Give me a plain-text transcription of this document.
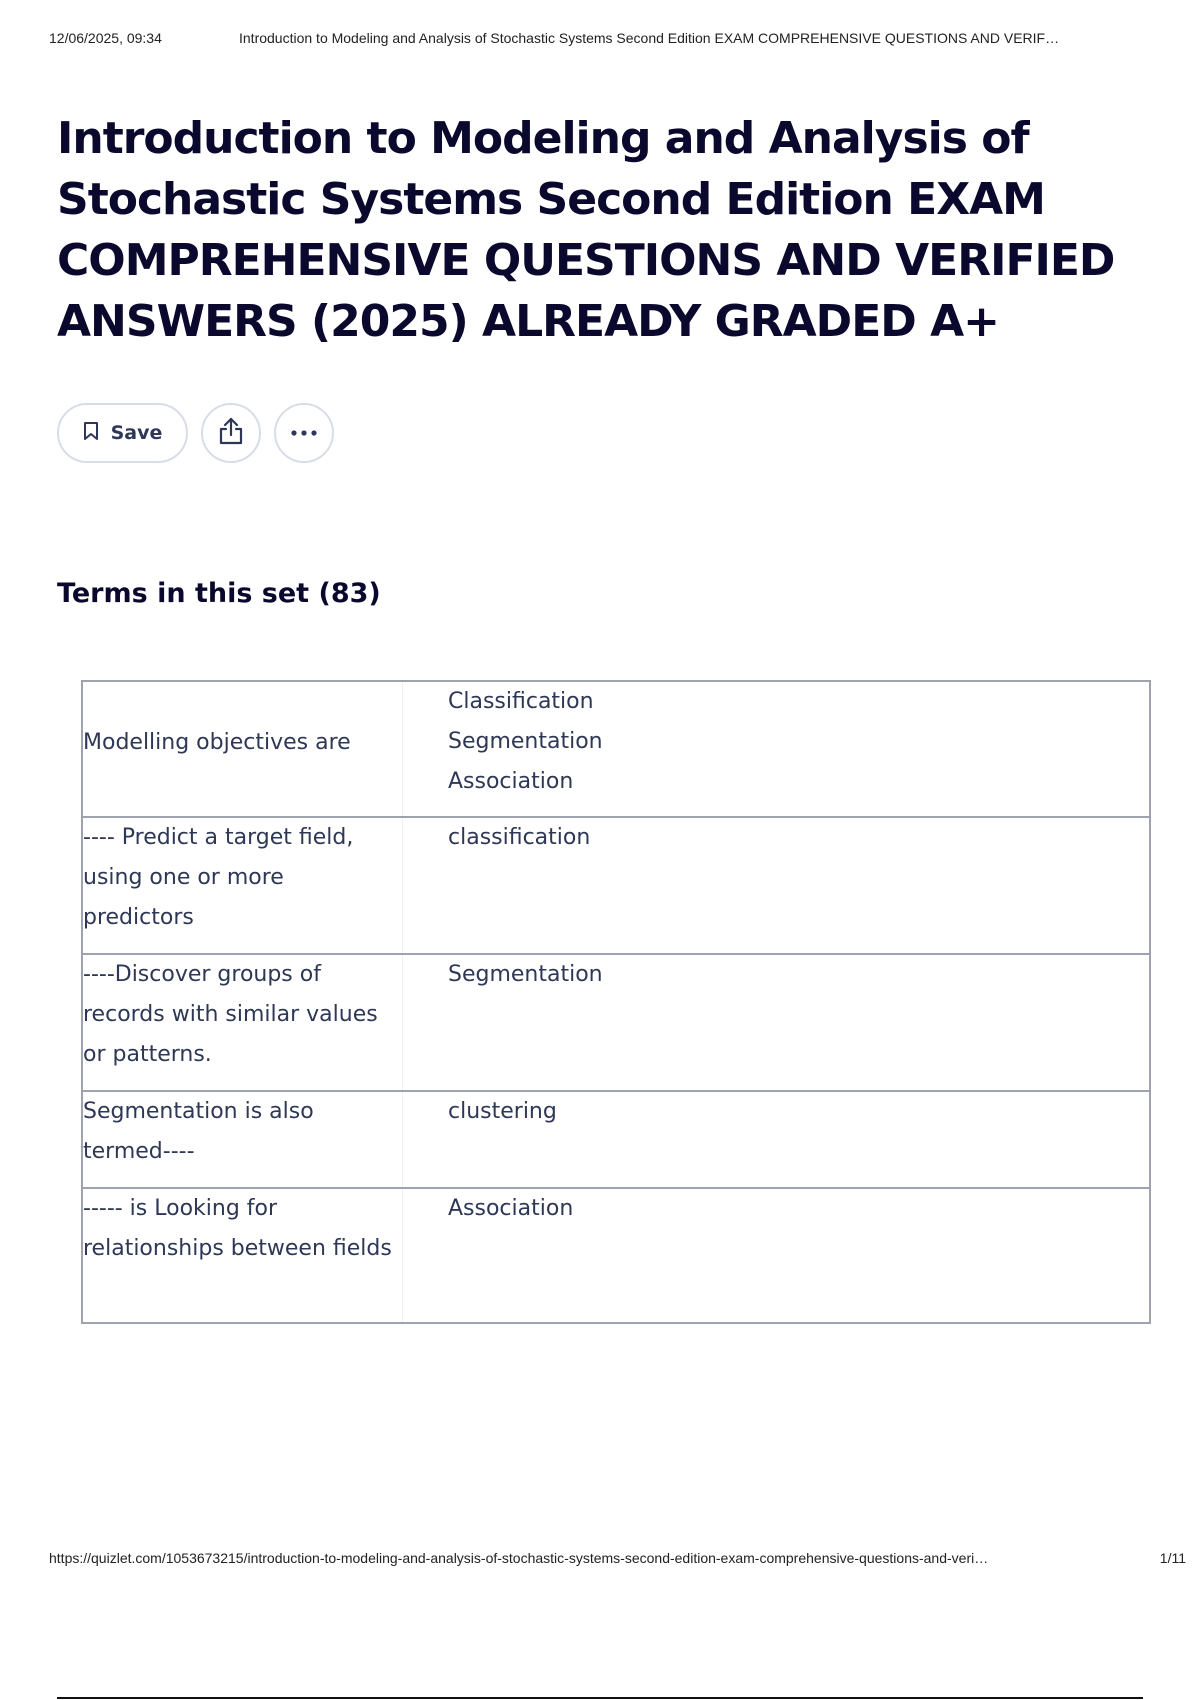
12/06/2025, 09:34	Introduction to Modeling and Analysis of Stochastic Systems Second Edition EXAM COMPREHENSIVE QUESTIONS AND VERIF…
Introduction to Modeling and Analysis of Stochastic Systems Second Edition EXAM COMPREHENSIVE QUESTIONS AND VERIFIED ANSWERS (2025) ALREADY GRADED A+
Save
Terms in this set (83)
Modelling objectives are
Classification
Segmentation
Association
---- Predict a target field, using one or more predictors
classification
----Discover groups of records with similar values or patterns.
Segmentation
Segmentation is also termed----
clustering
----- is Looking for relationships between fields
Association
https://quizlet.com/1053673215/introduction-to-modeling-and-analysis-of-stochastic-systems-second-edition-exam-comprehensive-questions-and-veri…	1/11
